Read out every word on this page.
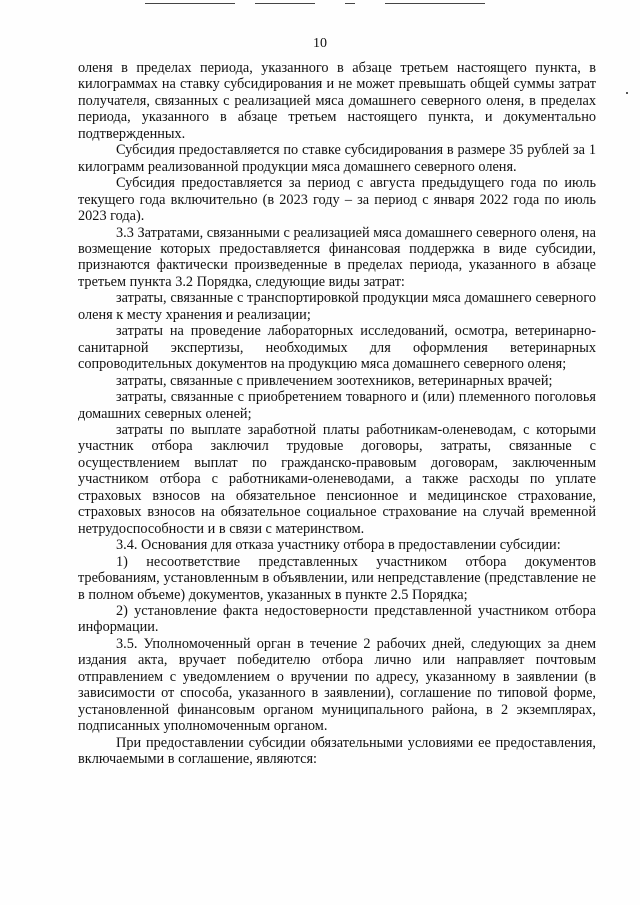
10

оленя в пределах периода, указанного в абзаце третьем настоящего пункта, в килограммах на ставку субсидирования и не может превышать общей суммы затрат получателя, связанных с реализацией мяса домашнего северного оленя, в пределах периода, указанного в абзаце третьем настоящего пункта, и документально подтвержденных.

Субсидия предоставляется по ставке субсидирования в размере 35 рублей за 1 килограмм реализованной продукции мяса домашнего северного оленя.

Субсидия предоставляется за период с августа предыдущего года по июль текущего года включительно (в 2023 году – за период с января 2022 года по июль 2023 года).

3.3 Затратами, связанными с реализацией мяса домашнего северного оленя, на возмещение которых предоставляется финансовая поддержка в виде субсидии, признаются фактически произведенные в пределах периода, указанного в абзаце третьем пункта 3.2 Порядка, следующие виды затрат:

затраты, связанные с транспортировкой продукции мяса домашнего северного оленя к месту хранения и реализации;

затраты на проведение лабораторных исследований, осмотра, ветеринарно-санитарной экспертизы, необходимых для оформления ветеринарных сопроводительных документов на продукцию мяса домашнего северного оленя;

затраты, связанные с привлечением зоотехников, ветеринарных врачей;

затраты, связанные с приобретением товарного и (или) племенного поголовья домашних северных оленей;

затраты по выплате заработной платы работникам-оленеводам, с которыми участник отбора заключил трудовые договоры, затраты, связанные с осуществлением выплат по гражданско-правовым договорам, заключенным участником отбора с работниками-оленеводами, а также расходы по уплате страховых взносов на обязательное пенсионное и медицинское страхование, страховых взносов на обязательное социальное страхование на случай временной нетрудоспособности и в связи с материнством.

3.4. Основания для отказа участнику отбора в предоставлении субсидии:

1) несоответствие представленных участником отбора документов требованиям, установленным в объявлении, или непредставление (представление не в полном объеме) документов, указанных в пункте 2.5 Порядка;

2) установление факта недостоверности представленной участником отбора информации.

3.5. Уполномоченный орган в течение 2 рабочих дней, следующих за днем издания акта, вручает победителю отбора лично или направляет почтовым отправлением с уведомлением о вручении по адресу, указанному в заявлении (в зависимости от способа, указанного в заявлении), соглашение по типовой форме, установленной финансовым органом муниципального района, в 2 экземплярах, подписанных уполномоченным органом.

При предоставлении субсидии обязательными условиями ее предоставления, включаемыми в соглашение, являются:
